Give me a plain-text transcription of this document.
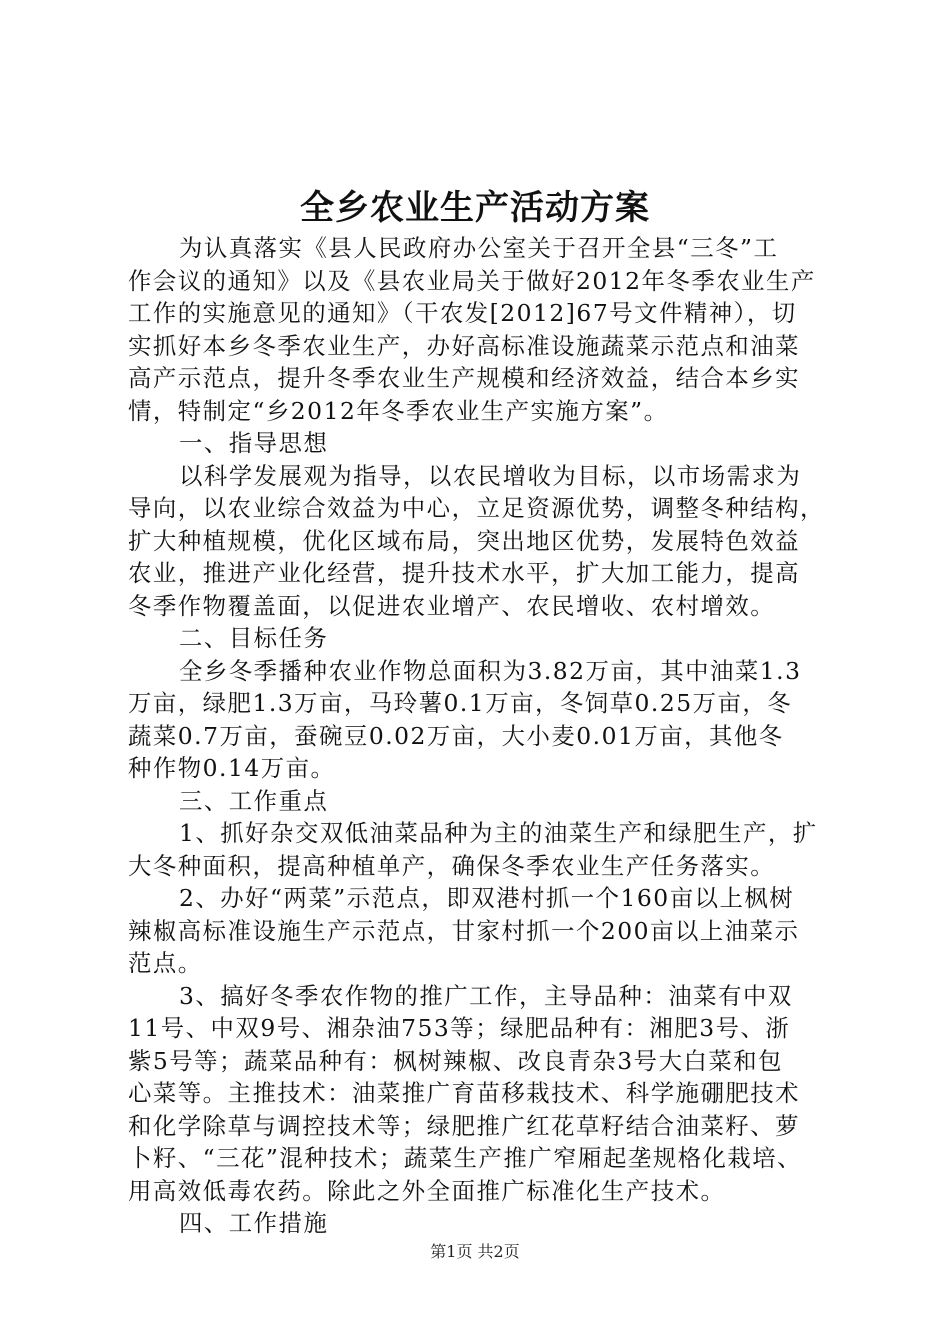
全乡农业生产活动方案
为认真落实《县人民政府办公室关于召开全县“三冬”工
作会议的通知》以及《县农业局关于做好2012年冬季农业生产
工作的实施意见的通知》（干农发[2012]67号文件精神），切
实抓好本乡冬季农业生产，办好高标准设施蔬菜示范点和油菜
高产示范点，提升冬季农业生产规模和经济效益，结合本乡实
情，特制定“乡2012年冬季农业生产实施方案”。
一、指导思想
以科学发展观为指导，以农民增收为目标，以市场需求为
导向，以农业综合效益为中心，立足资源优势，调整冬种结构，
扩大种植规模，优化区域布局，突出地区优势，发展特色效益
农业，推进产业化经营，提升技术水平，扩大加工能力，提高
冬季作物覆盖面，以促进农业增产、农民增收、农村增效。
二、目标任务
全乡冬季播种农业作物总面积为3.82万亩，其中油菜1.3
万亩，绿肥1.3万亩，马玲薯0.1万亩，冬饲草0.25万亩，冬
蔬菜0.7万亩，蚕碗豆0.02万亩，大小麦0.01万亩，其他冬
种作物0.14万亩。
三、工作重点
1、抓好杂交双低油菜品种为主的油菜生产和绿肥生产，扩
大冬种面积，提高种植单产，确保冬季农业生产任务落实。
2、办好“两菜”示范点，即双港村抓一个160亩以上枫树
辣椒高标准设施生产示范点，甘家村抓一个200亩以上油菜示
范点。
3、搞好冬季农作物的推广工作，主导品种：油菜有中双
11号、中双9号、湘杂油753等；绿肥品种有：湘肥3号、浙
紫5号等；蔬菜品种有：枫树辣椒、改良青杂3号大白菜和包
心菜等。主推技术：油菜推广育苗移栽技术、科学施硼肥技术
和化学除草与调控技术等；绿肥推广红花草籽结合油菜籽、萝
卜籽、“三花”混种技术；蔬菜生产推广窄厢起垄规格化栽培、
用高效低毒农药。除此之外全面推广标准化生产技术。
四、工作措施
第1页 共2页
